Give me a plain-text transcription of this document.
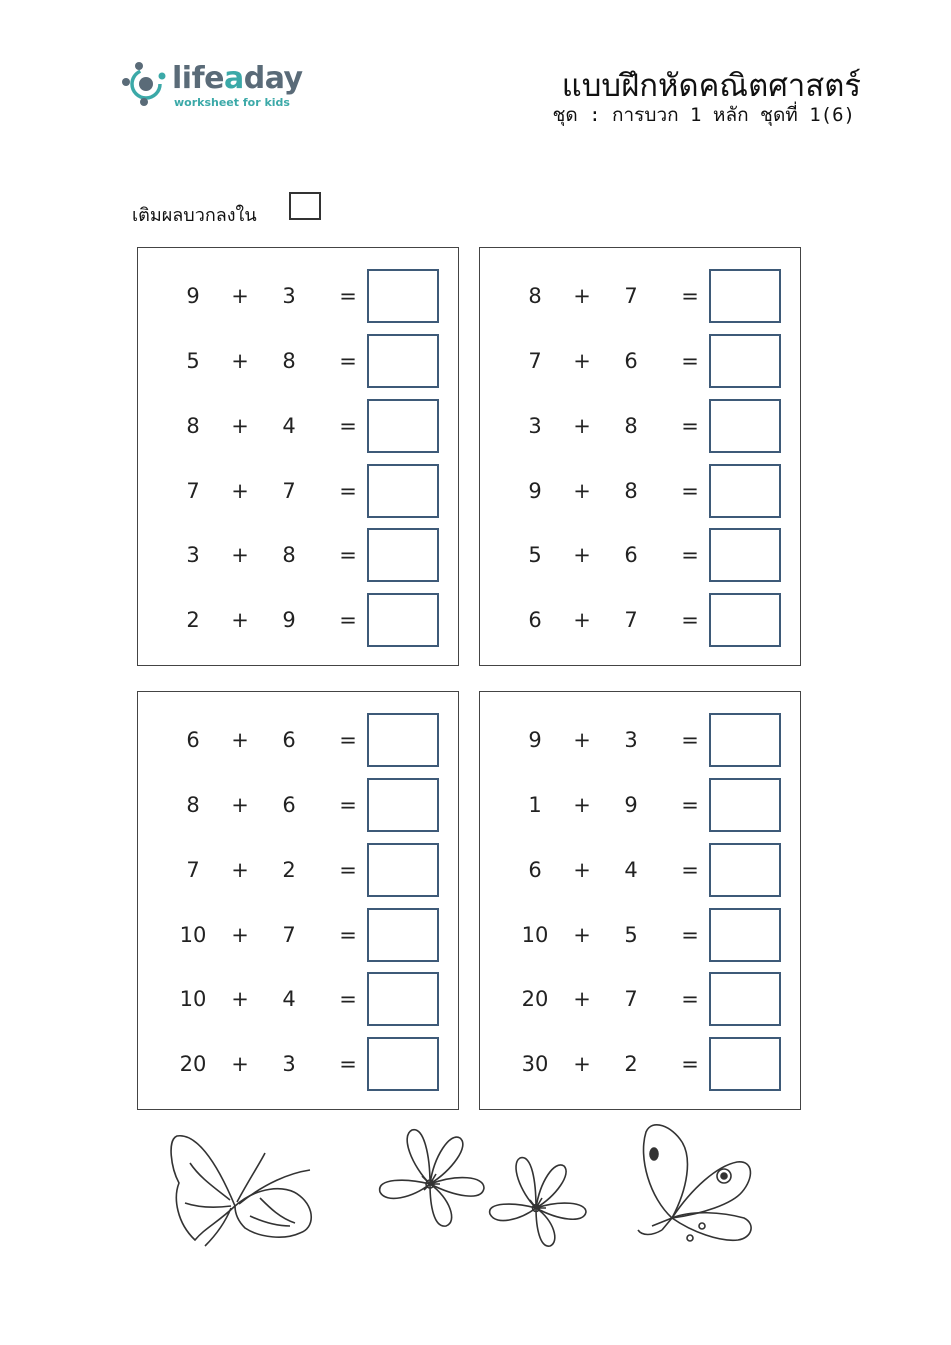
lifeaday
worksheet for kids	แบบฝึกหัดคณิตศาสตร์
ชุด : การบวก 1 หลัก ชุดที่ 1(6)
เติมผลบวกลงใน
9	+	3	=
5	+	8	=
8	+	4	=
7	+	7	=
3	+	8	=
2	+	9	=
8	+	7	=
7	+	6	=
3	+	8	=
9	+	8	=
5	+	6	=
6	+	7	=
6	+	6	=
8	+	6	=
7	+	2	=
10	+	7	=
10	+	4	=
20	+	3	=
9	+	3	=
1	+	9	=
6	+	4	=
10	+	5	=
20	+	7	=
30	+	2	=
